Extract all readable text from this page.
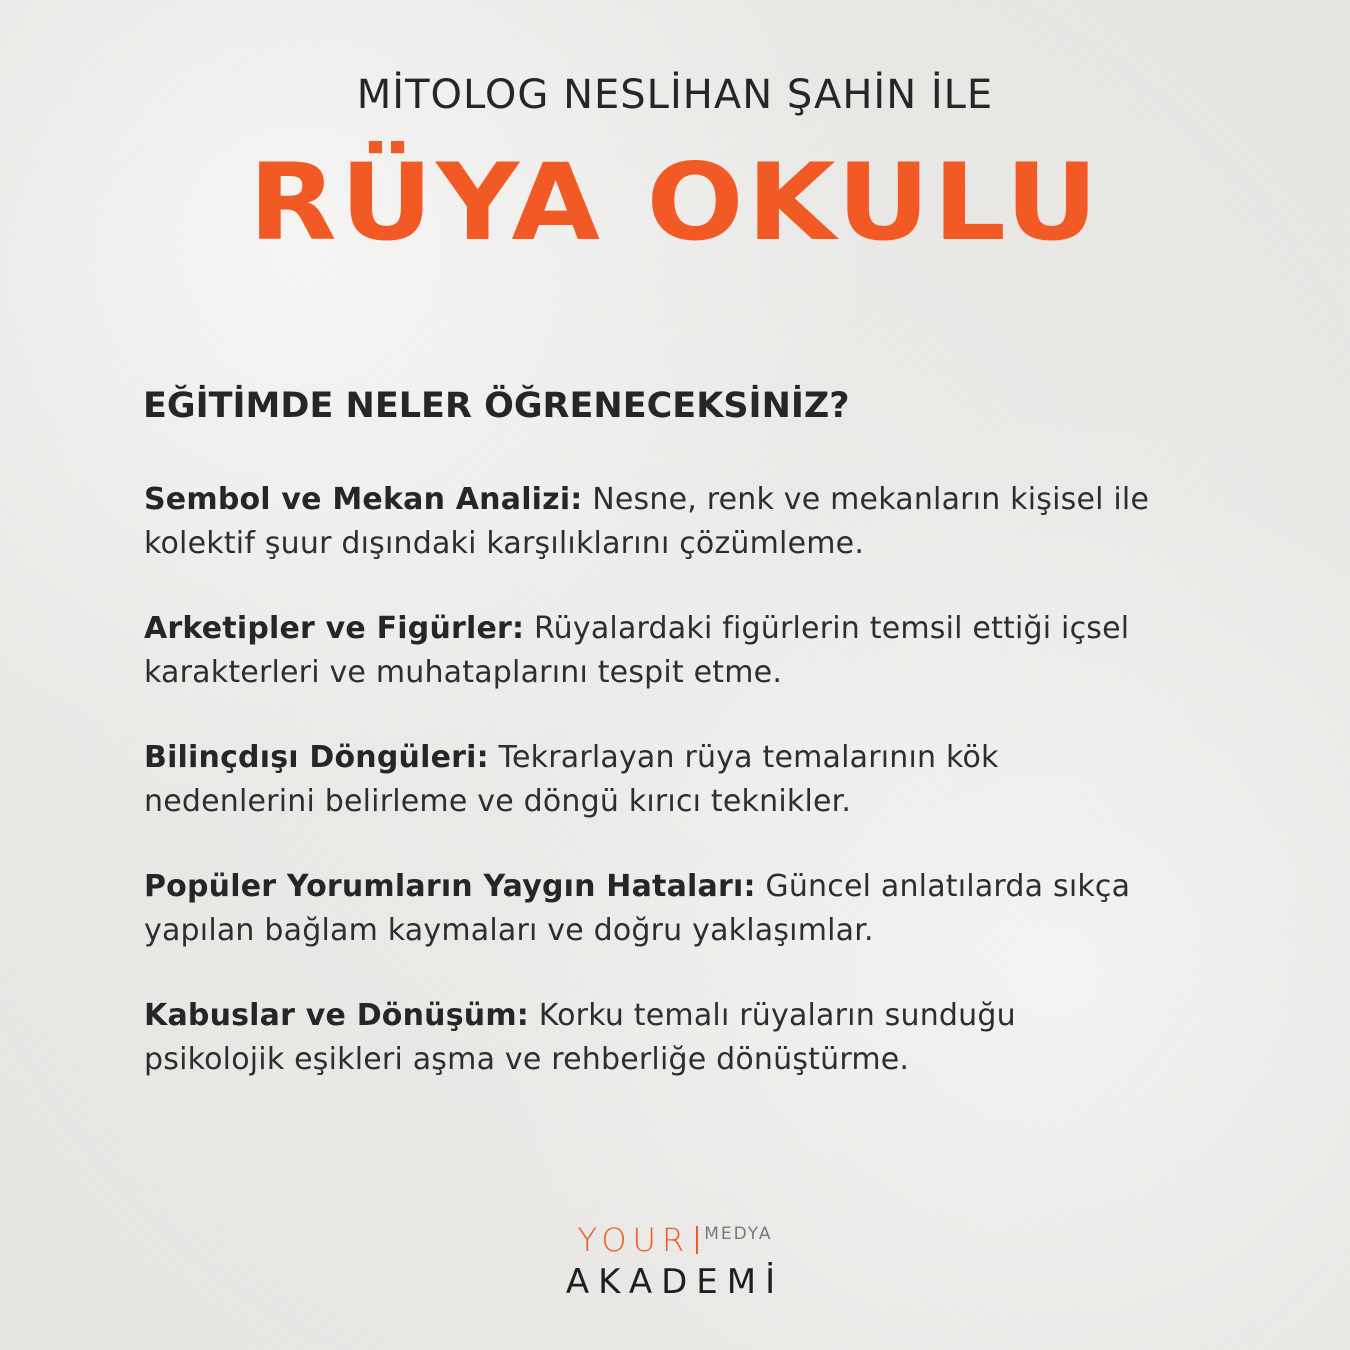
MİTOLOG NESLİHAN ŞAHİN İLE
RÜYA OKULU
EĞİTİMDE NELER ÖĞRENECEKSİNİZ?
Sembol ve Mekan Analizi: Nesne, renk ve mekanların kişisel ile kolektif şuur dışındaki karşılıklarını çözümleme.
Arketipler ve Figürler: Rüyalardaki figürlerin temsil ettiği içsel karakterleri ve muhataplarını tespit etme.
Bilinçdışı Döngüleri: Tekrarlayan rüya temalarının kök nedenlerini belirleme ve döngü kırıcı teknikler.
Popüler Yorumların Yaygın Hataları: Güncel anlatılarda sıkça yapılan bağlam kaymaları ve doğru yaklaşımlar.
Kabuslar ve Dönüşüm: Korku temalı rüyaların sunduğu psikolojik eşikleri aşma ve rehberliğe dönüştürme.
YOUR MEDYA
AKADEMİ
